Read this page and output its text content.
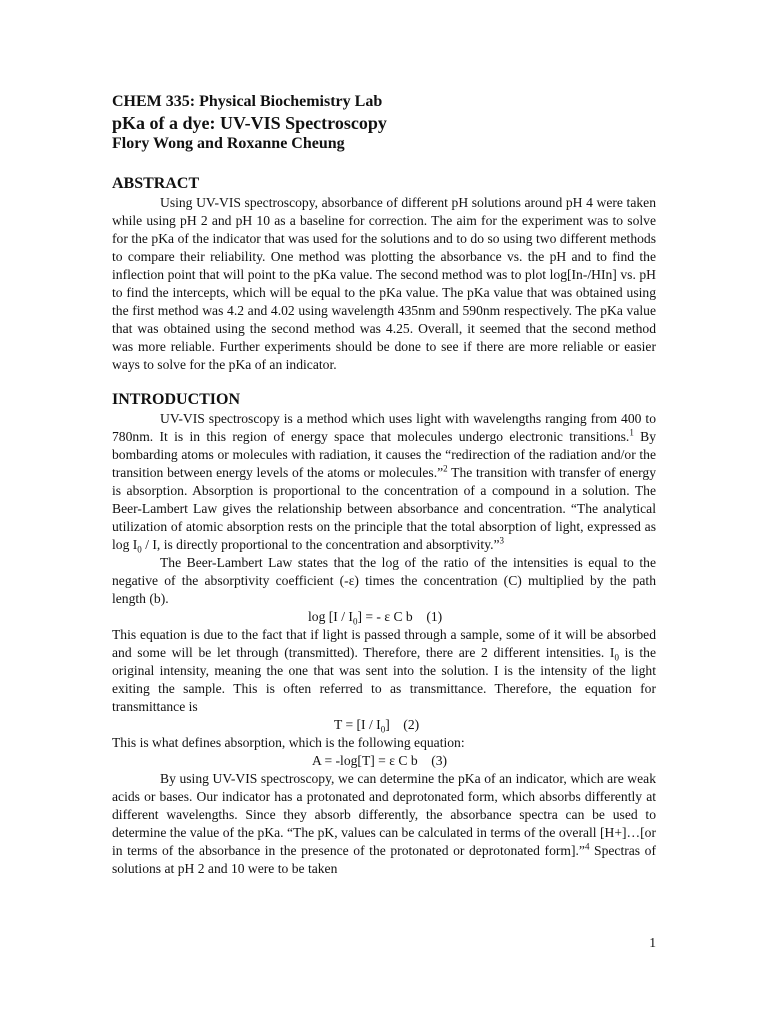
CHEM 335: Physical Biochemistry Lab

pKa of a dye: UV-VIS Spectroscopy

Flory Wong and Roxanne Cheung

ABSTRACT

Using UV-VIS spectroscopy, absorbance of different pH solutions around pH 4 were taken while using pH 2 and pH 10 as a baseline for correction. The aim for the experiment was to solve for the pKa of the indicator that was used for the solutions and to do so using two different methods to compare their reliability. One method was plotting the absorbance vs. the pH and to find the inflection point that will point to the pKa value. The second method was to plot log[In-/HIn] vs. pH to find the intercepts, which will be equal to the pKa value. The pKa value that was obtained using the first method was 4.2 and 4.02 using wavelength 435nm and 590nm respectively. The pKa value that was obtained using the second method was 4.25. Overall, it seemed that the second method was more reliable. Further experiments should be done to see if there are more reliable or easier ways to solve for the pKa of an indicator.

INTRODUCTION

UV-VIS spectroscopy is a method which uses light with wavelengths ranging from 400 to 780nm. It is in this region of energy space that molecules undergo electronic transitions.$^1$ By bombarding atoms or molecules with radiation, it causes the “redirection of the radiation and/or the transition between energy levels of the atoms or molecules.”$^2$ The transition with transfer of energy is absorption. Absorption is proportional to the concentration of a compound in a solution. The Beer-Lambert Law gives the relationship between absorbance and concentration. “The analytical utilization of atomic absorption rests on the principle that the total absorption of light, expressed as $\log I_0$ / I, is directly proportional to the concentration and absorptivity.”$^3$

The Beer-Lambert Law states that the log of the ratio of the intensities is equal to the negative of the absorptivity coefficient (-ε) times the concentration (C) multiplied by the path length (b).

$\log [I / I_0]$ = - ε C b    (1)

This equation is due to the fact that if light is passed through a sample, some of it will be absorbed and some will be let through (transmitted). Therefore, there are 2 different intensities. $I_0$ is the original intensity, meaning the one that was sent into the solution. I is the intensity of the light exiting the sample. This is often referred to as transmittance. Therefore, the equation for transmittance is

$T = [I / I_0]$    (2)

This is what defines absorption, which is the following equation:

A = -log[T] = ε C b    (3)

By using UV-VIS spectroscopy, we can determine the pKa of an indicator, which are weak acids or bases. Our indicator has a protonated and deprotonated form, which absorbs differently at different wavelengths. Since they absorb differently, the absorbance spectra can be used to determine the value of the pKa. “The pK, values can be calculated in terms of the overall [H+]…[or in terms of the absorbance in the presence of the protonated or deprotonated form].”$^4$ Spectras of solutions at pH 2 and 10 were to be taken

1
